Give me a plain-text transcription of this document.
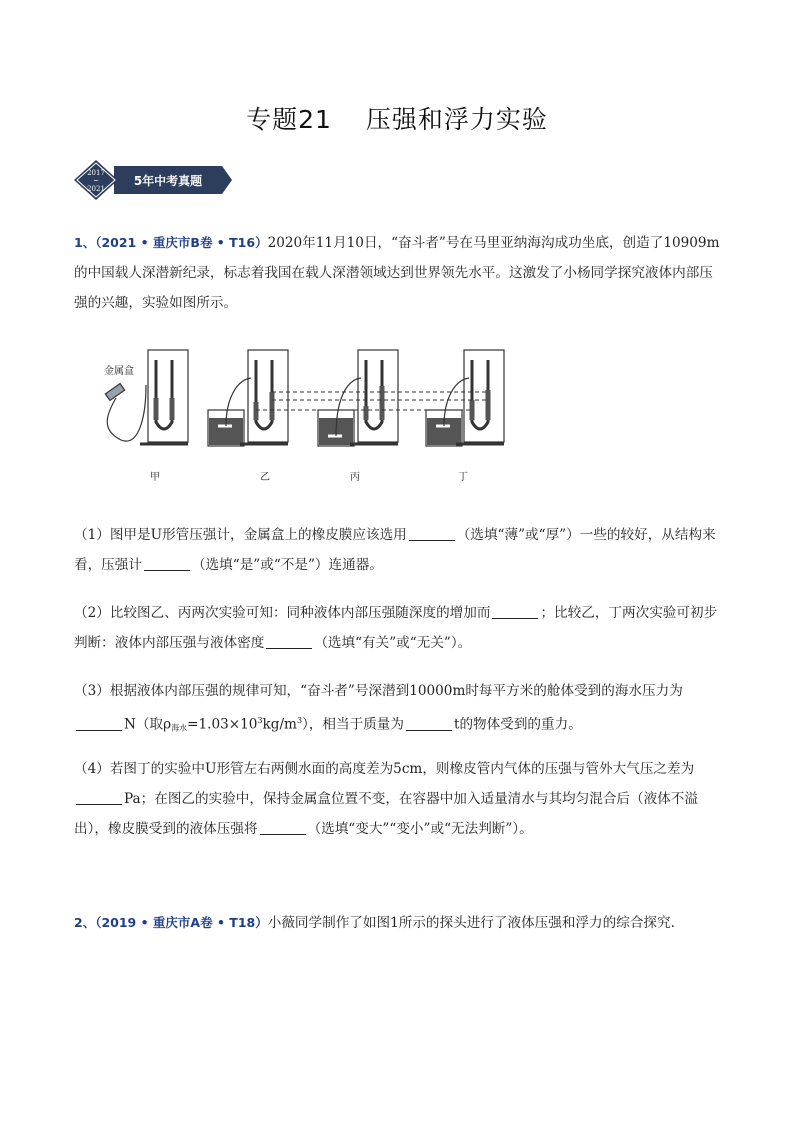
专题21 压强和浮力实验
2017
~
2021
5年中考真题
1、（2021 • 重庆市B卷 • T16）2020年11月10日，“奋斗者”号在马里亚纳海沟成功坐底，创造了10909m的中国载人深潜新纪录，标志着我国在载人深潜领域达到世界领先水平。这激发了小杨同学探究液体内部压强的兴趣，实验如图所示。
金属盒
甲	乙	丙	丁
（1）图甲是U形管压强计，金属盒上的橡皮膜应该选用	（选填“薄”或“厚”）一些的较好，从结构来看，压强计	（选填“是”或“不是”）连通器。
（2）比较图乙、丙两次实验可知：同种液体内部压强随深度的增加而	；比较乙，丁两次实验可初步判断：液体内部压强与液体密度	（选填“有关”或“无关”）。
（3）根据液体内部压强的规律可知，“奋斗者”号深潜到10000m时每平方米的舱体受到的海水压力为
N（取$\rho_{海水}=1.03\times 10^3kg/m^3$），相当于质量为	t的物体受到的重力。
（4）若图丁的实验中U形管左右两侧水面的高度差为5cm，则橡皮管内气体的压强与管外大气压之差为
Pa；在图乙的实验中，保持金属盒位置不变，在容器中加入适量清水与其均匀混合后（液体不溢出），橡皮膜受到的液体压强将	（选填“变大”“变小”或“无法判断”）。
2、（2019 • 重庆市A卷 • T18）小薇同学制作了如图1所示的探头进行了液体压强和浮力的综合探究.
